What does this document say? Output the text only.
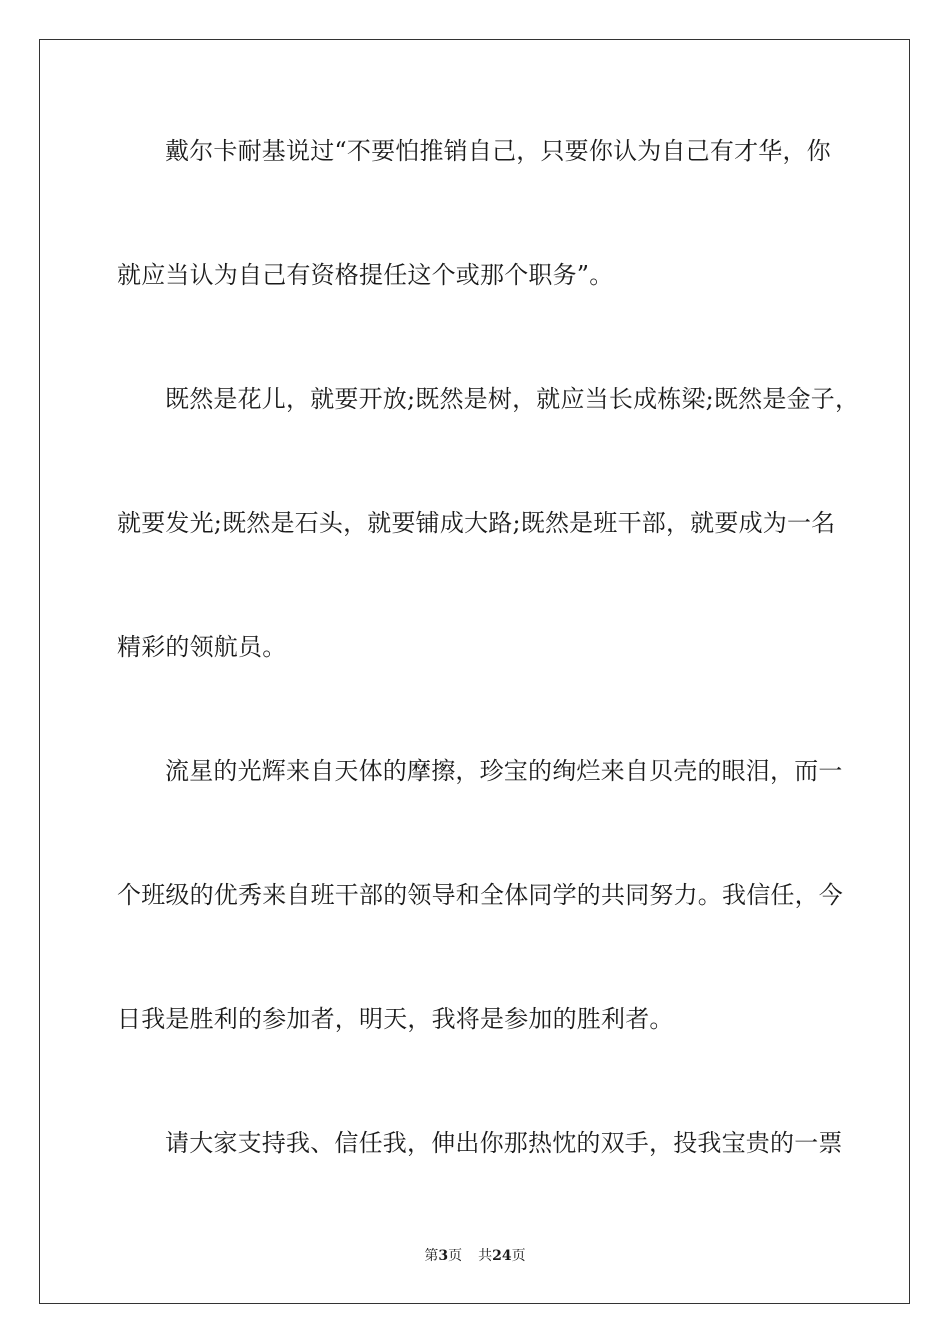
戴尔卡耐基说过“不要怕推销自己，只要你认为自己有才华，你
就应当认为自己有资格提任这个或那个职务”。
既然是花儿，就要开放;既然是树，就应当长成栋梁;既然是金子，
就要发光;既然是石头，就要铺成大路;既然是班干部，就要成为一名
精彩的领航员。
流星的光辉来自天体的摩擦，珍宝的绚烂来自贝壳的眼泪，而一
个班级的优秀来自班干部的领导和全体同学的共同努力。我信任，今
日我是胜利的参加者，明天，我将是参加的胜利者。
请大家支持我、信任我，伸出你那热忱的双手，投我宝贵的一票
第3页 共24页
